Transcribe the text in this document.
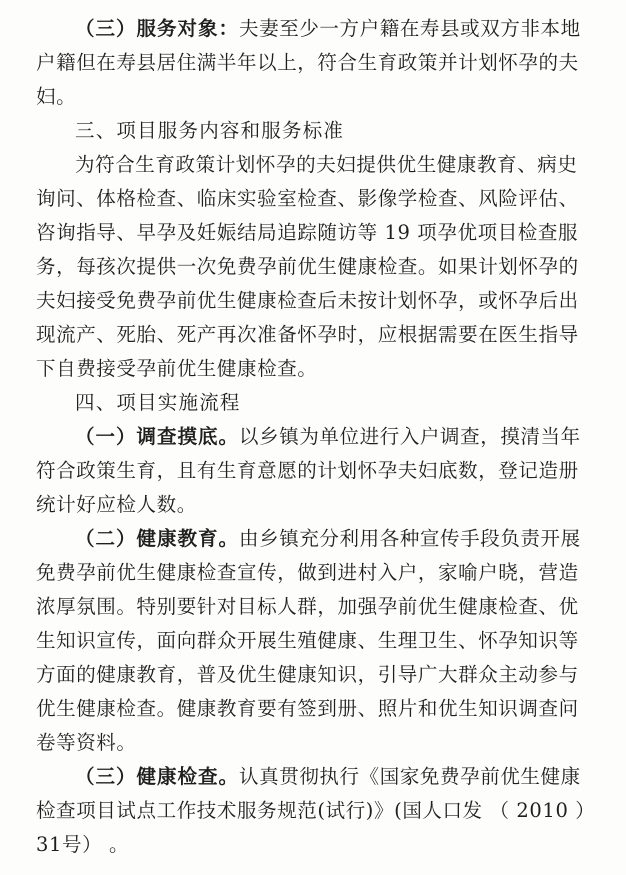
（三）服务对象：夫妻至少一方户籍在寿县或双方非本地
户籍但在寿县居住满半年以上，符合生育政策并计划怀孕的夫
妇。
三、项目服务内容和服务标准
为符合生育政策计划怀孕的夫妇提供优生健康教育、病史
询问、体格检查、临床实验室检查、影像学检查、风险评估、
咨询指导、早孕及妊娠结局追踪随访等 19 项孕优项目检查服
务，每孩次提供一次免费孕前优生健康检查。如果计划怀孕的
夫妇接受免费孕前优生健康检查后未按计划怀孕，或怀孕后出
现流产、死胎、死产再次准备怀孕时，应根据需要在医生指导
下自费接受孕前优生健康检查。
四、项目实施流程
（一）调查摸底。以乡镇为单位进行入户调查，摸清当年
符合政策生育，且有生育意愿的计划怀孕夫妇底数，登记造册
统计好应检人数。
（二）健康教育。由乡镇充分利用各种宣传手段负责开展
免费孕前优生健康检查宣传，做到进村入户，家喻户晓，营造
浓厚氛围。特别要针对目标人群，加强孕前优生健康检查、优
生知识宣传，面向群众开展生殖健康、生理卫生、怀孕知识等
方面的健康教育，普及优生健康知识，引导广大群众主动参与
优生健康检查。健康教育要有签到册、照片和优生知识调查问
卷等资料。
（三）健康检查。认真贯彻执行《国家免费孕前优生健康
检查项目试点工作技术服务规范(试行)》(国人口发 （ 2010 ）
31号） 。
